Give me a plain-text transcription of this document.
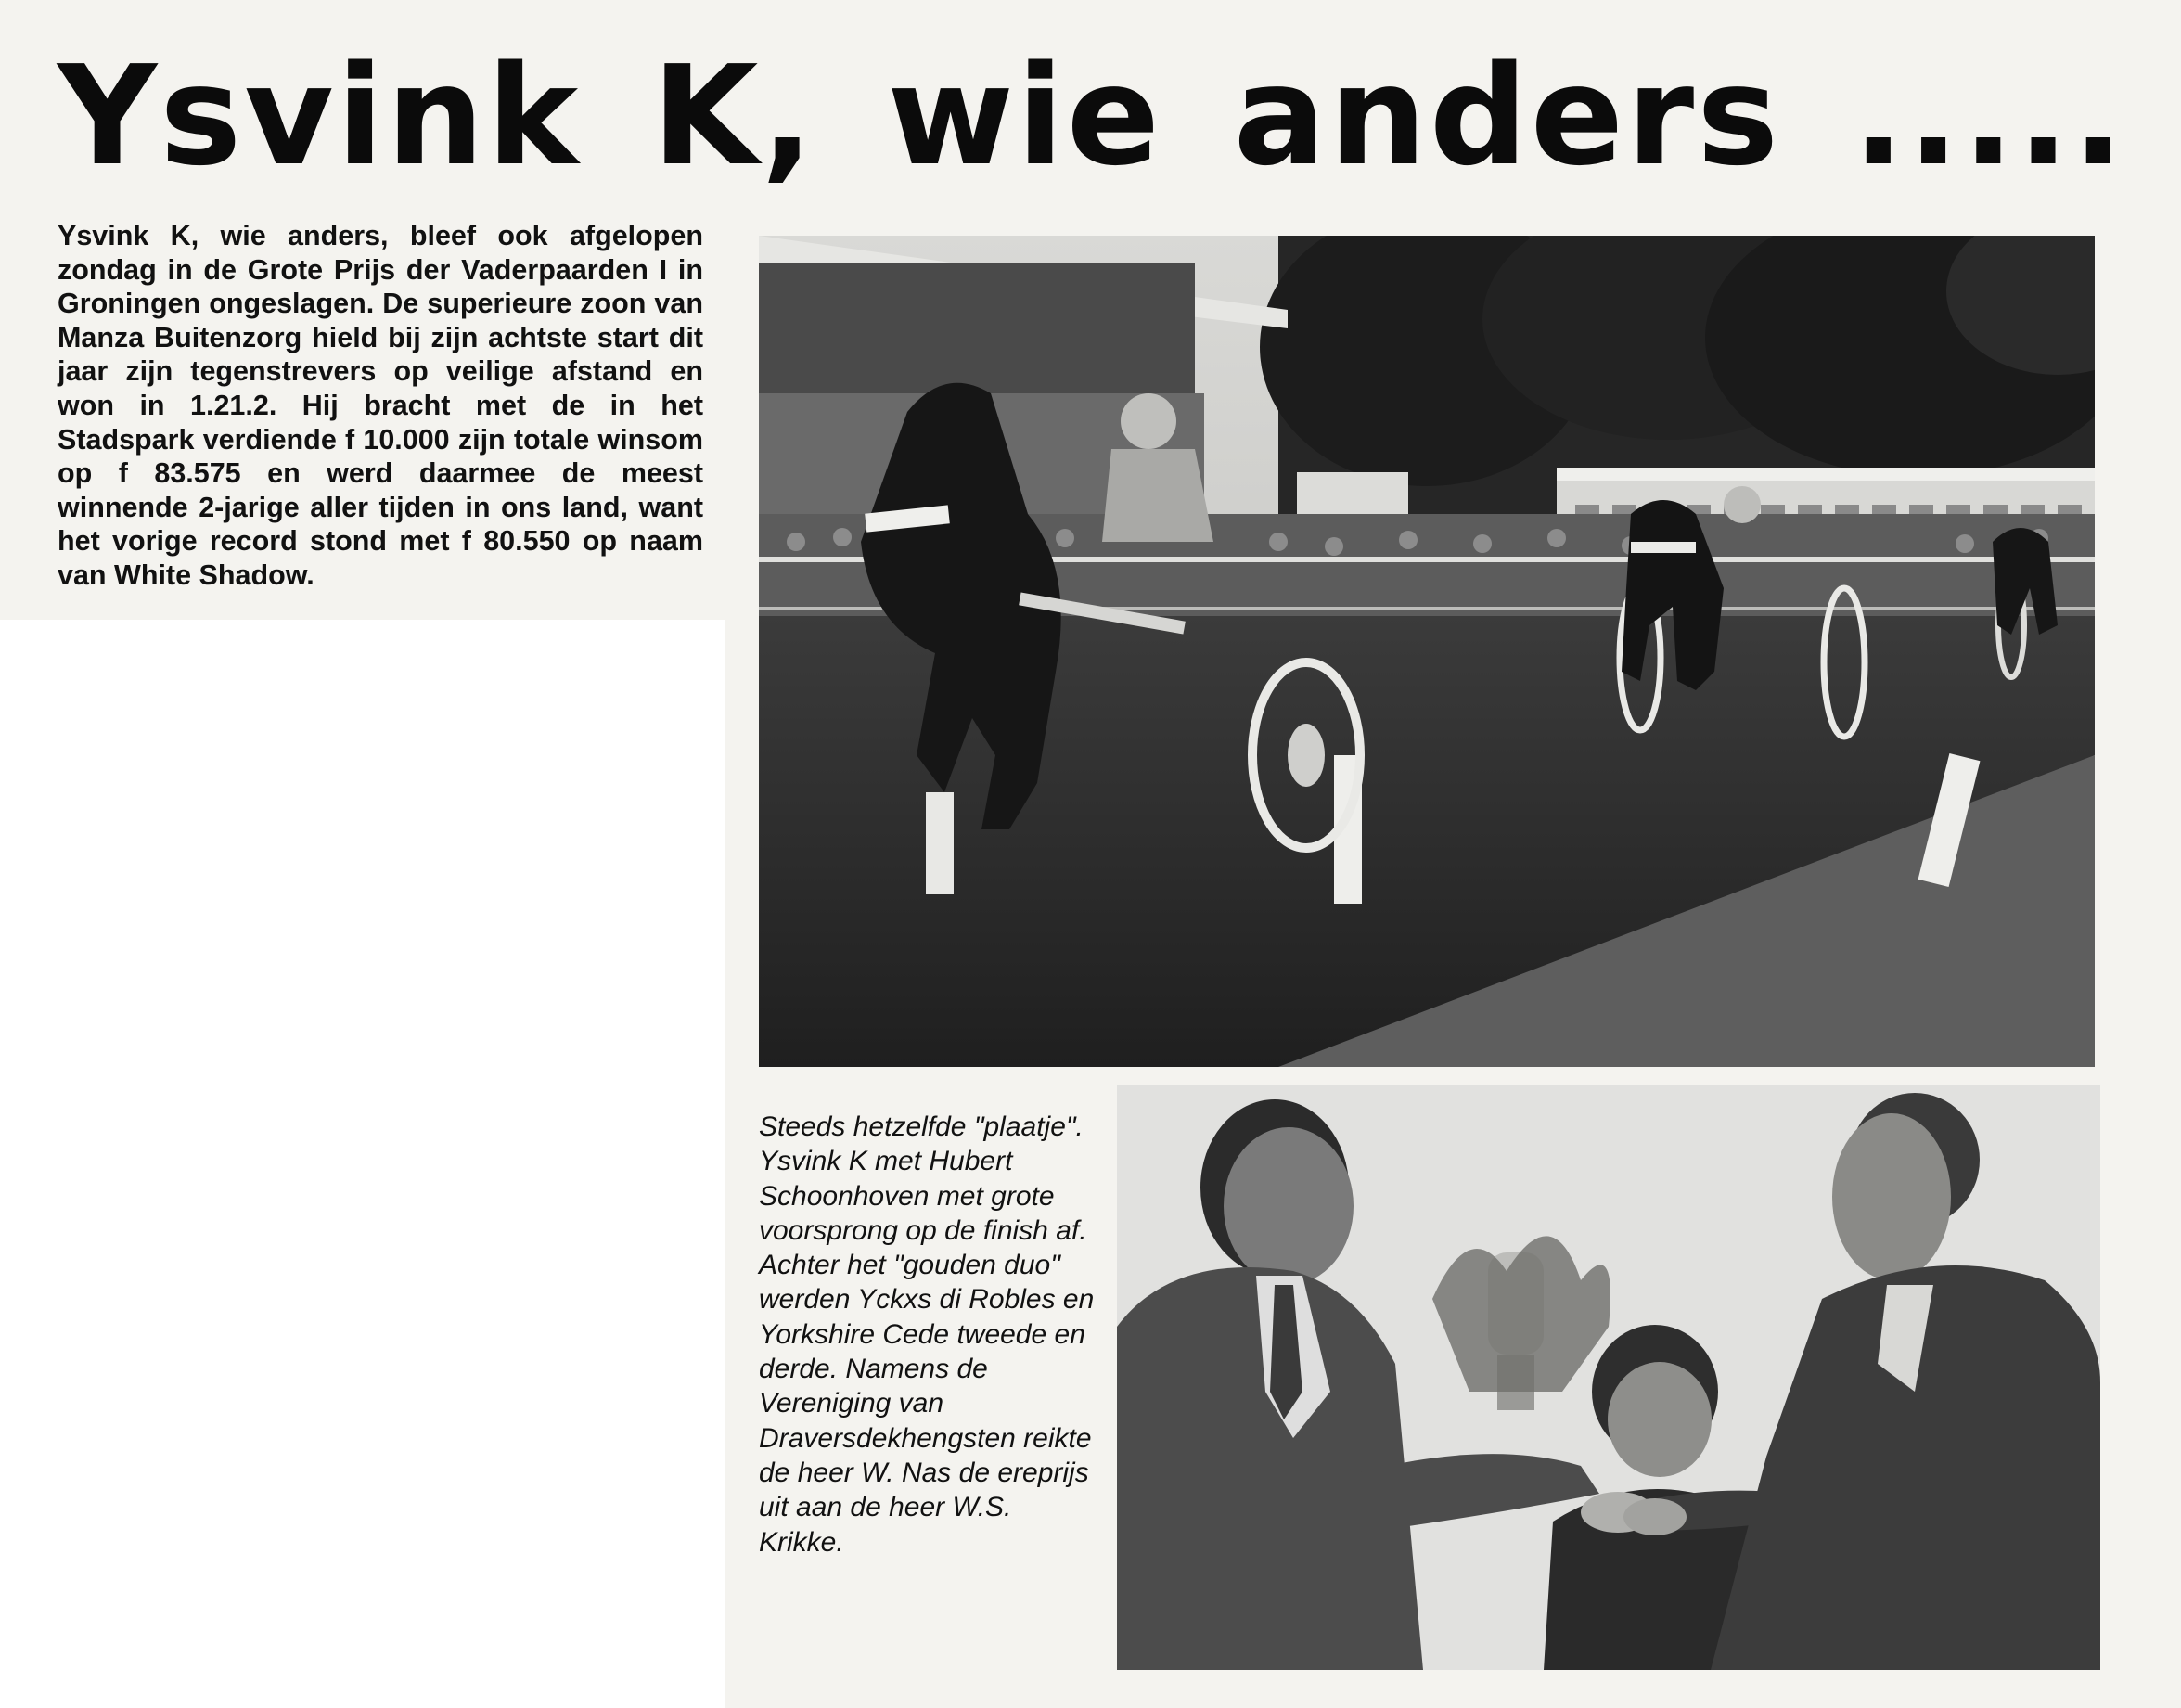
Ysvink K, wie anders .....

Ysvink K, wie anders, bleef ook afgelopen zondag in de Grote Prijs der Vaderpaarden I in Groningen ongeslagen. De superieure zoon van Manza Buitenzorg hield bij zijn achtste start dit jaar zijn tegenstrevers op veilige afstand en won in 1.21.2. Hij bracht met de in het Stadspark verdiende f 10.000 zijn totale winsom op f 83.575 en werd daarmee de meest winnende 2-jarige aller tijden in ons land, want het vorige record stond met f 80.550 op naam van White Shadow.

Steeds hetzelfde "plaatje". Ysvink K met Hubert Schoonhoven met grote voorsprong op de finish af. Achter het "gouden duo" werden Yckxs di Robles en Yorkshire Cede tweede en derde. Namens de Vereniging van Draversdekhengsten reikte de heer W. Nas de ereprijs uit aan de heer W.S. Krikke.
